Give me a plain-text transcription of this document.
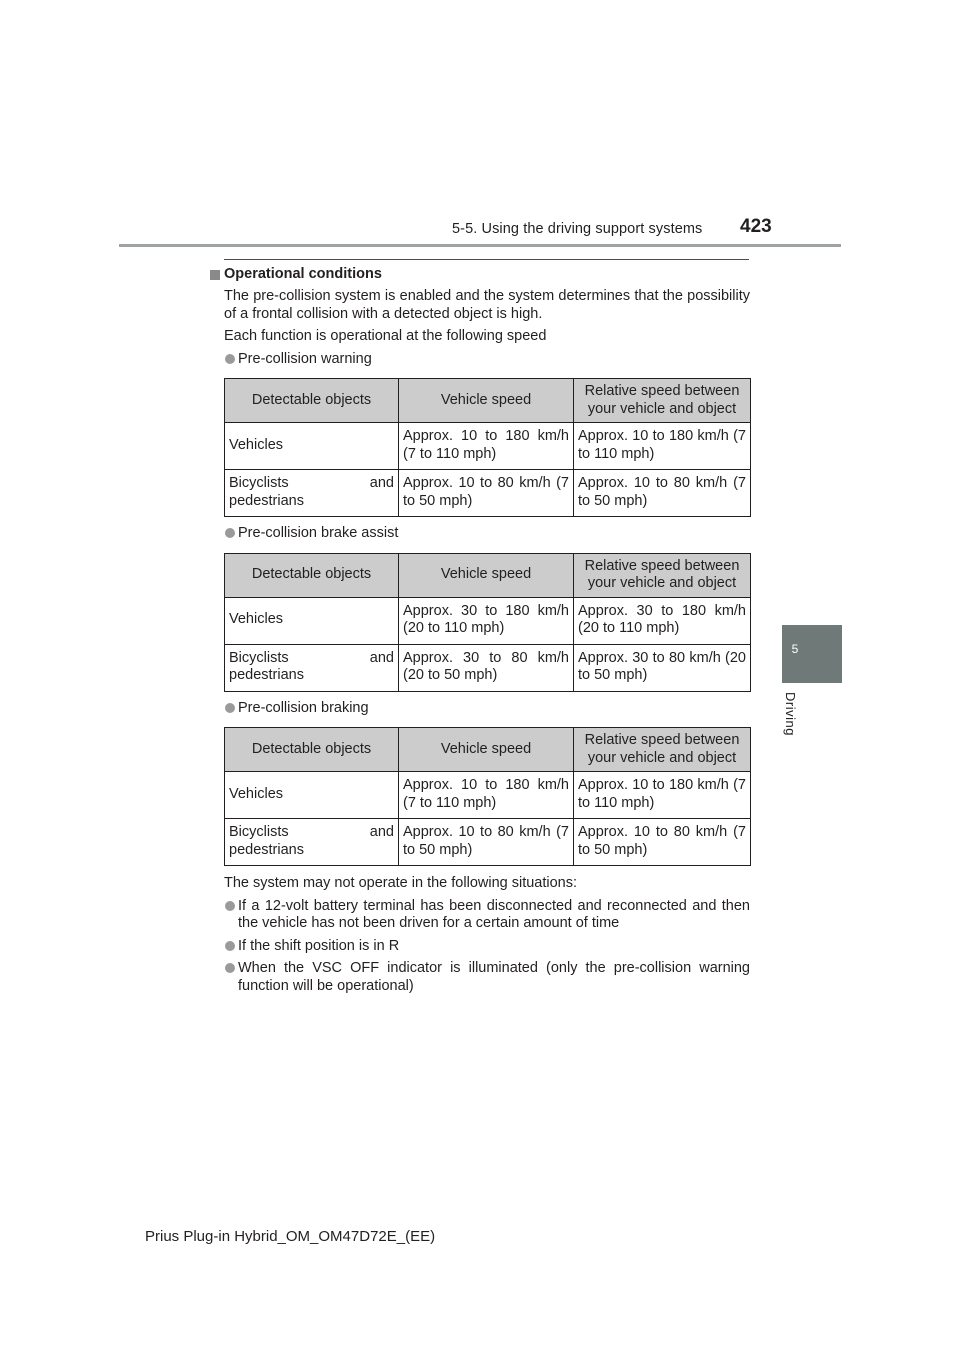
5-5. Using the driving support systems 423
5
Driving
Operational conditions
The pre-collision system is enabled and the system determines that the possibility of a frontal collision with a detected object is high.
Each function is operational at the following speed
Pre-collision warning
Detectable objects	Vehicle speed	Relative speed between your vehicle and object
Vehicles	Approx. 10 to 180 km/h (7 to 110 mph)	Approx. 10 to 180 km/h (7 to 110 mph)
Bicyclists and pedestrians	Approx. 10 to 80 km/h (7 to 50 mph)	Approx. 10 to 80 km/h (7 to 50 mph)
Pre-collision brake assist
Detectable objects	Vehicle speed	Relative speed between your vehicle and object
Vehicles	Approx. 30 to 180 km/h (20 to 110 mph)	Approx. 30 to 180 km/h (20 to 110 mph)
Bicyclists and pedestrians	Approx. 30 to 80 km/h (20 to 50 mph)	Approx. 30 to 80 km/h (20 to 50 mph)
Pre-collision braking
Detectable objects	Vehicle speed	Relative speed between your vehicle and object
Vehicles	Approx. 10 to 180 km/h (7 to 110 mph)	Approx. 10 to 180 km/h (7 to 110 mph)
Bicyclists and pedestrians	Approx. 10 to 80 km/h (7 to 50 mph)	Approx. 10 to 80 km/h (7 to 50 mph)
The system may not operate in the following situations:
If a 12-volt battery terminal has been disconnected and reconnected and then the vehicle has not been driven for a certain amount of time
If the shift position is in R
When the VSC OFF indicator is illuminated (only the pre-collision warning function will be operational)
Prius Plug-in Hybrid_OM_OM47D72E_(EE)
